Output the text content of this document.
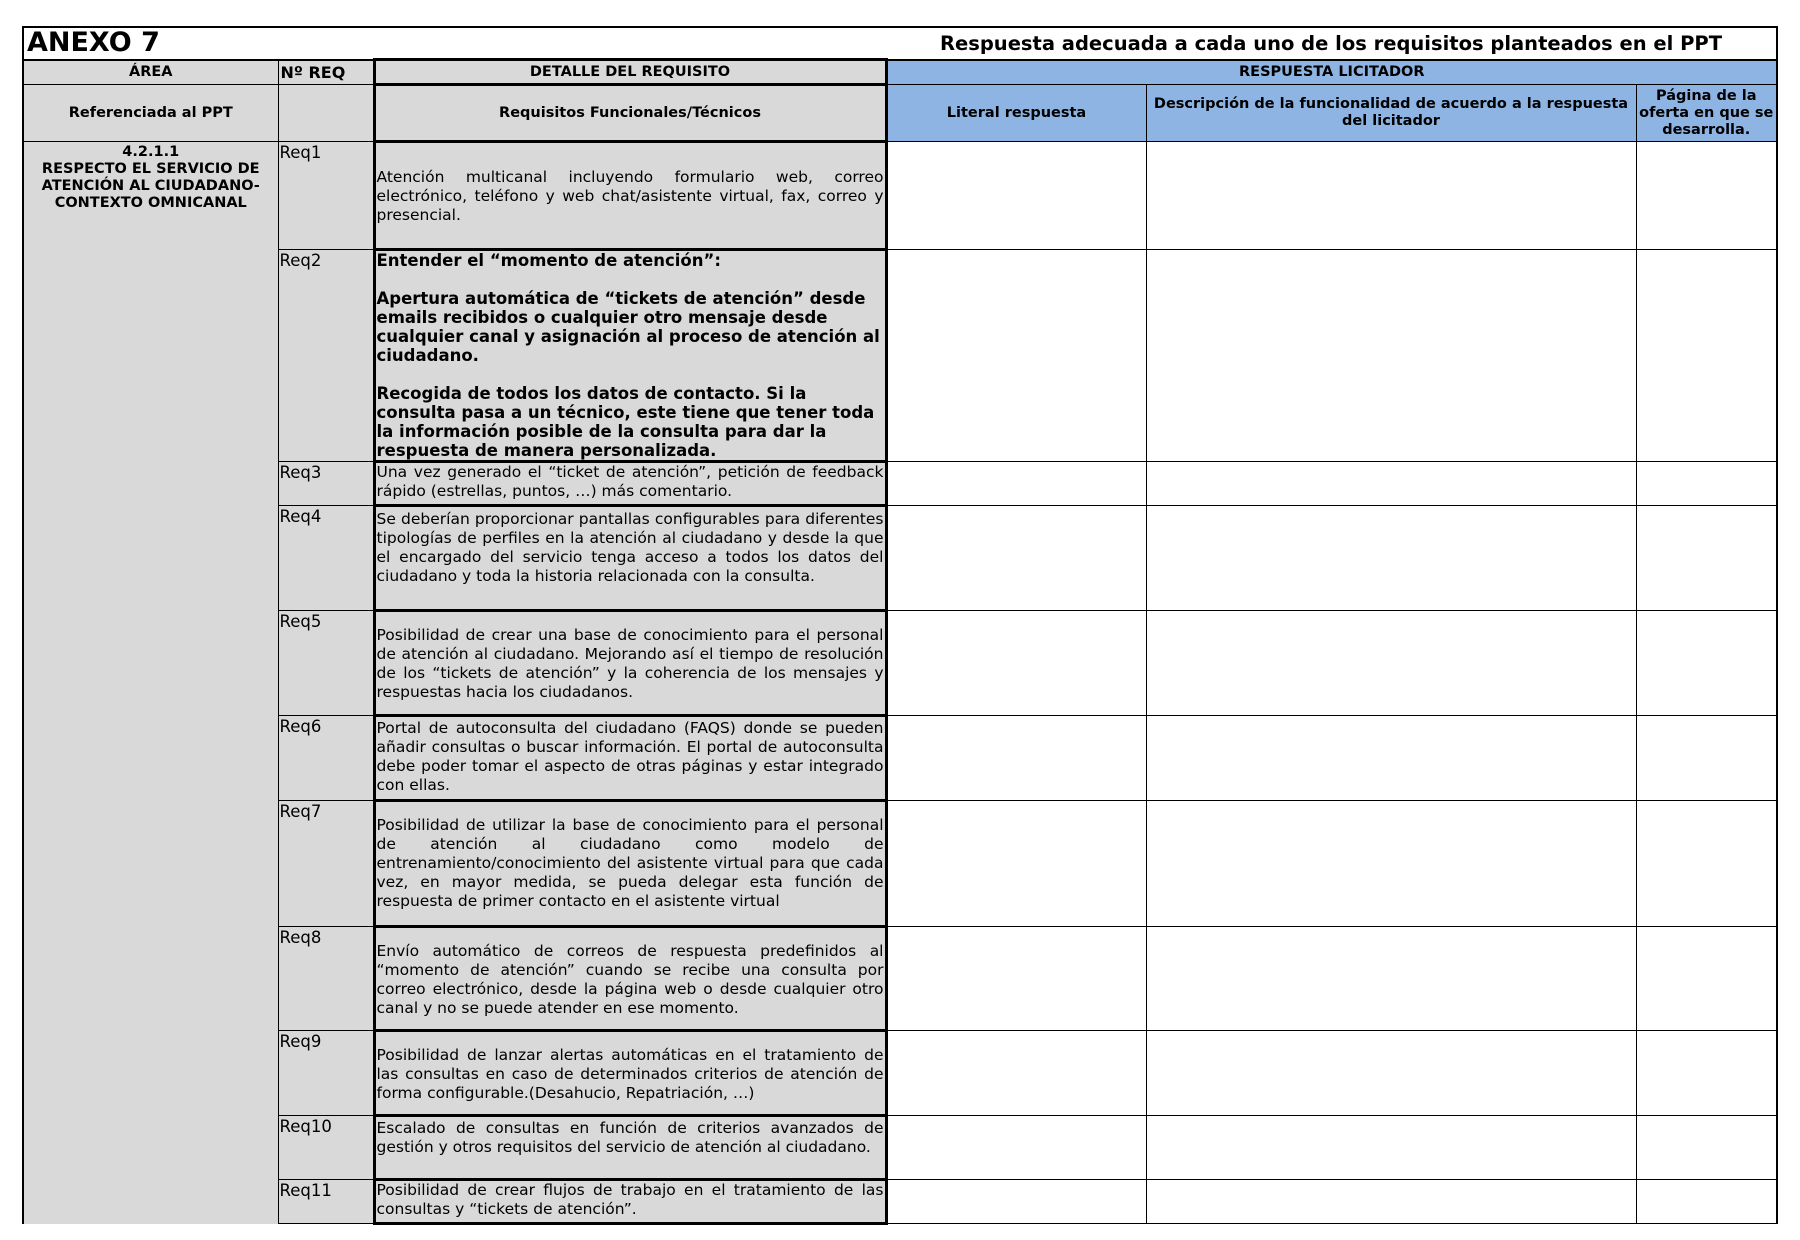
ANEXO 7			Respuesta adecuada a cada uno de los requisitos planteados en el PPT		
ÁREA	Nº REQ	DETALLE DEL REQUISITO	RESPUESTA LICITADOR		
Referenciada al PPT		Requisitos Funcionales/Técnicos	Literal respuesta	Descripción de la funcionalidad de acuerdo a la respuesta del licitador	Página de la oferta en que se desarrolla.

4.2.1.1
RESPECTO EL SERVICIO DE ATENCIÓN AL CIUDADANO- CONTEXTO OMNICANAL	Req1	Atención multicanal incluyendo formulario web, correo electrónico, teléfono y web chat/asistente virtual, fax, correo y presencial.			
	Req2	Entender el “momento de atención”:

Apertura automática de “tickets de atención” desde emails recibidos o cualquier otro mensaje desde cualquier canal y asignación al proceso de atención al ciudadano.

Recogida de todos los datos de contacto. Si la consulta pasa a un técnico, este tiene que tener toda la información posible de la consulta para dar la respuesta de manera personalizada.			

	Req3	Una vez generado el “ticket de atención”, petición de feedback rápido (estrellas, puntos, …) más comentario.			
	Req4	Se deberían proporcionar pantallas configurables para diferentes tipologías de perfiles en la atención al ciudadano y desde la que el encargado del servicio tenga acceso a todos los datos del ciudadano y toda la historia relacionada con la consulta.			
	Req5	Posibilidad de crear una base de conocimiento para el personal de atención al ciudadano. Mejorando así el tiempo de resolución de los “tickets de atención” y la coherencia de los mensajes y respuestas hacia los ciudadanos.			
	Req6	Portal de autoconsulta del ciudadano (FAQS) donde se pueden añadir consultas o buscar información. El portal de autoconsulta debe poder tomar el aspecto de otras páginas y estar integrado con ellas.			
	Req7	Posibilidad de utilizar la base de conocimiento para el personal de atención al ciudadano como modelo de entrenamiento/conocimiento del asistente virtual para que cada vez, en mayor medida, se pueda delegar esta función de respuesta de primer contacto en el asistente virtual			
	Req8	Envío automático de correos de respuesta predefinidos al “momento de atención” cuando se recibe una consulta por correo electrónico, desde la página web o desde cualquier otro canal y no se puede atender en ese momento.			
	Req9	Posibilidad de lanzar alertas automáticas en el tratamiento de las consultas en caso de determinados criterios de atención de forma configurable.(Desahucio, Repatriación, …)			
	Req10	Escalado de consultas en función de criterios avanzados de gestión y otros requisitos del servicio de atención al ciudadano.			
	Req11	Posibilidad de crear flujos de trabajo en el tratamiento de las consultas y “tickets de atención”.			
